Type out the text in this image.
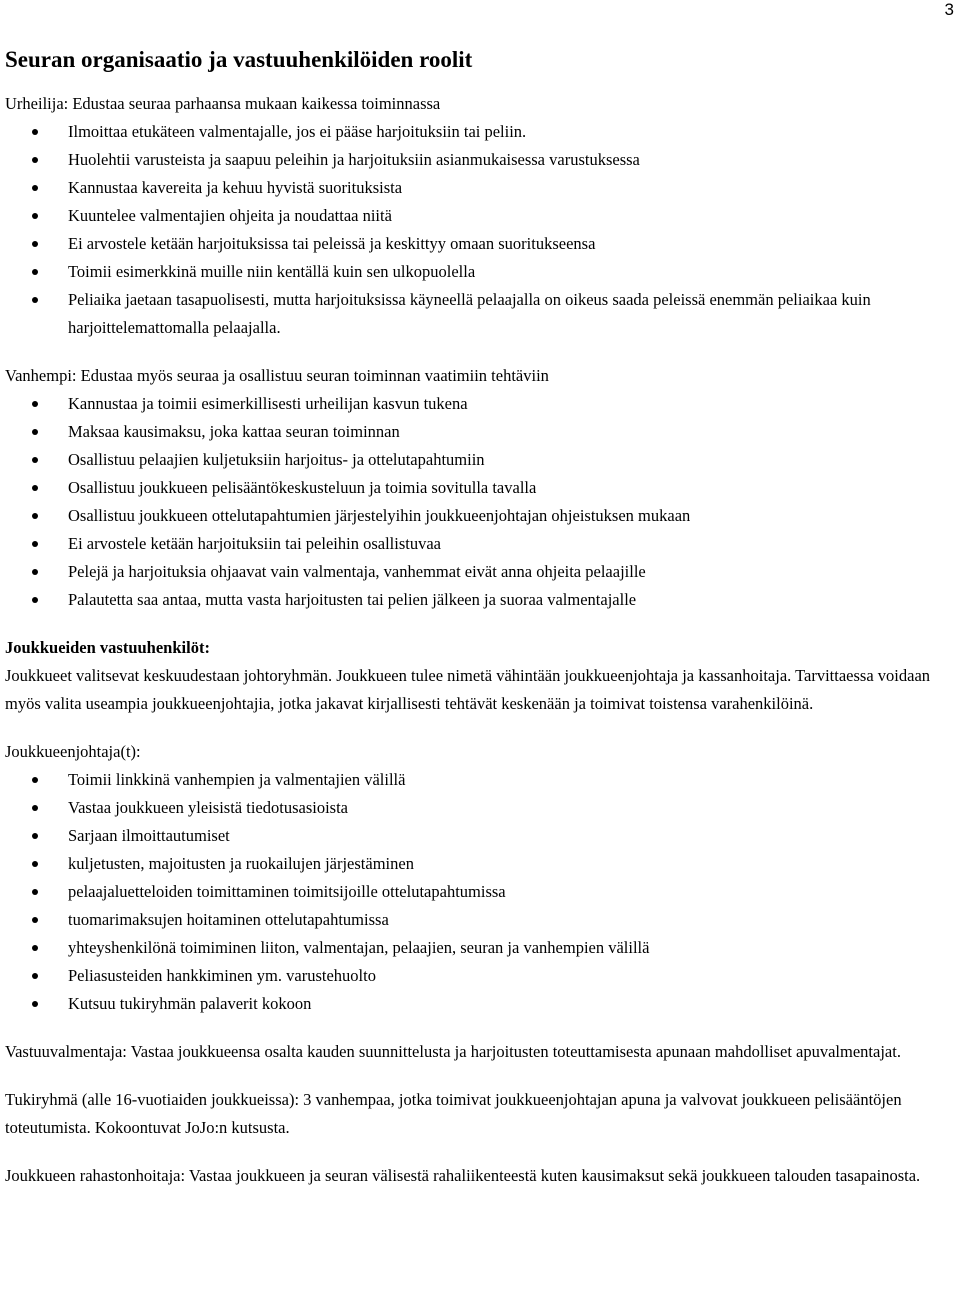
3
Seuran organisaatio ja vastuuhenkilöiden roolit

Urheilija: Edustaa seuraa parhaansa mukaan kaikessa toiminnassa

Ilmoittaa etukäteen valmentajalle, jos ei pääse harjoituksiin tai peliin.
Huolehtii varusteista ja saapuu peleihin ja harjoituksiin asianmukaisessa varustuksessa
Kannustaa kavereita ja kehuu hyvistä suorituksista
Kuuntelee valmentajien ohjeita ja noudattaa niitä
Ei arvostele ketään harjoituksissa tai peleissä ja keskittyy omaan suoritukseensa
Toimii esimerkkinä muille niin kentällä kuin sen ulkopuolella
Peliaika jaetaan tasapuolisesti, mutta harjoituksissa käyneellä pelaajalla on oikeus saada peleissä enemmän peliaikaa kuin harjoittelemattomalla pelaajalla.

Vanhempi: Edustaa myös seuraa ja osallistuu seuran toiminnan vaatimiin tehtäviin

Kannustaa ja toimii esimerkillisesti urheilijan kasvun tukena
Maksaa kausimaksu, joka kattaa seuran toiminnan
Osallistuu pelaajien kuljetuksiin harjoitus- ja ottelutapahtumiin
Osallistuu joukkueen pelisääntökeskusteluun ja toimia sovitulla tavalla
Osallistuu joukkueen ottelutapahtumien järjestelyihin joukkueenjohtajan ohjeistuksen mukaan
Ei arvostele ketään harjoituksiin tai peleihin osallistuvaa
Pelejä ja harjoituksia ohjaavat vain valmentaja, vanhemmat eivät anna ohjeita pelaajille
Palautetta saa antaa, mutta vasta harjoitusten tai pelien jälkeen ja suoraa valmentajalle

Joukkueiden vastuuhenkilöt:

Joukkueet valitsevat keskuudestaan johtoryhmän. Joukkueen tulee nimetä vähintään joukkueenjohtaja ja kassanhoitaja. Tarvittaessa voidaan myös valita useampia joukkueenjohtajia, jotka jakavat kirjallisesti tehtävät keskenään ja toimivat toistensa varahenkilöinä.

Joukkueenjohtaja(t):

Toimii linkkinä vanhempien ja valmentajien välillä
Vastaa joukkueen yleisistä tiedotusasioista
Sarjaan ilmoittautumiset
kuljetusten, majoitusten ja ruokailujen järjestäminen
pelaajaluetteloiden toimittaminen toimitsijoille ottelutapahtumissa
tuomarimaksujen hoitaminen ottelutapahtumissa
yhteyshenkilönä toimiminen liiton, valmentajan, pelaajien, seuran ja vanhempien välillä
Peliasusteiden hankkiminen ym. varustehuolto
Kutsuu tukiryhmän palaverit kokoon

Vastuuvalmentaja: Vastaa joukkueensa osalta kauden suunnittelusta ja harjoitusten toteuttamisesta apunaan mahdolliset apuvalmentajat.

Tukiryhmä (alle 16-vuotiaiden joukkueissa): 3 vanhempaa, jotka toimivat joukkueenjohtajan apuna ja valvovat joukkueen pelisääntöjen toteutumista. Kokoontuvat JoJo:n kutsusta.

Joukkueen rahastonhoitaja: Vastaa joukkueen ja seuran välisestä rahaliikenteestä kuten kausimaksut sekä joukkueen talouden tasapainosta.
